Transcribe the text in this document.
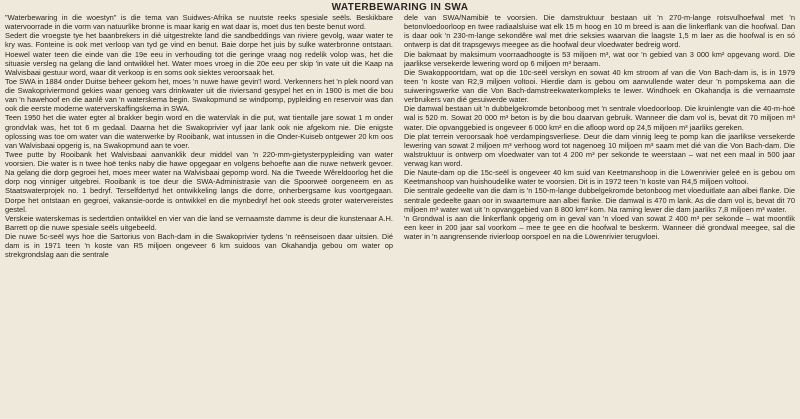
WATERBEWARING IN SWA

"Waterbewaring in die woestyn" is die tema van Suidwes-Afrika se nuutste reeks spesiale seëls. Beskikbare watervoorrade in die vorm van natuurlike bronne is maar karig en wat daar is, moet dus ten beste benut word.

Sedert die vroegste tye het baanbrekers in dié uitgestrekte land die sandbeddings van riviere gevolg, waar water te kry was. Fonteine is ook met verloop van tyd ge vind en benut. Baie dorpe het juis by sulke waterbronne ontstaan. Hoewel water teen die einde van die 19e eeu in verhouding tot die geringe vraag nog redelik volop was, het die situasie versleg na gelang die land ontwikkel het. Water moes vroeg in die 20e eeu per skip 'in vate uit die Kaap na Walvisbaai gestuur word, waar dit verkoop is en soms ook siektes veroorsaak het.

Toe SWA in 1884 onder Duitse beheer gekom het, moes 'n nuwe hawe gevin'! word. Verkenners het 'n plek noord van die Swakopriviermond gekies waar genoeg vars drinkwater uit die riviersand gesypel het en in 1900 is met die bou van 'n hawehoof en die aanlê van 'n waterskema begin. Swakopmund se windpomp, pypleiding en reservoir was dan ook die eerste moderne waterverskaffingskema in SWA.

Teen 1950 het die water egter al brakker begin word en die watervlak in die put, wat tientalle jare sowat 1 m onder grondvlak was, het tot 6 m gedaal. Daarna het die Swakoprivier vyf jaar lank ook nie afgekom nie. Die enigste oplossing was toe om water van die waterwerke by Rooibank, wat intussen in die Onder-Kuiseb ontgewer 20 km oos van Walvisbaai opgerig is, na Swakopmund aan te voer.

Twee putte by Rooibank het Walvisbaai aanvanklik deur middel van 'n 220-mm-gietysterpypleiding van water voorsien. Die water is n twee hoë tenks naby die hawe opgegaar en volgens behoefte aan die nuwe netwerk gevoer. Na gelang die dorp gegroei het, moes meer water na Walvisbaai gepomp word. Na die Tweede Wêreldoorlog het die dorp nog vinniger uitgebrei. Rooibank is toe deur die SWA-Administrasie van die Spoorweë oorgeneem en as Staatswaterprojek no. 1 bedryf. Terselfdertyd het ontwikkeling langs die dorre, onherbergsame kus voortgegaan. Dorpe het ontstaan en gegroei, vakansie-oorde is ontwikkel en die mynbedryf het ook steeds groter watervereistes gestel.

Verskeie waterskemas is sedertdien ontwikkel en vier van die land se vernaamste damme is deur die kunstenaar A.H. Barrett op die nuwe spesiale seëls uitgebeeld.

Die nuwe 5c-seël wys hoe die Sartorius von Bach-dam in die Swakoprivier tydens 'n reënseisoen daar uitsien. Dié dam is in 1971 teen 'n koste van R5 miljoen ongeveer 6 km suidoos van Okahandja gebou om water op strekgrondslag aan die sentrale

dele van SWA/Namibië te voorsien. Die damstruktuur bestaan uit 'n 270-m-lange rotsvulhoefwal met 'n betonvloedoorloop en twee radiaalsluise wat elk 15 m hoog en 10 m breed is aan die linkerflank van die hoofwal. Dan is daar ook 'n 230-m-lange sekondêre wal met drie seksies waarvan die laagste 1,5 m laer as die hoofwal is en só ontwerp is dat dit trapsgewys meegee as die hoofwal deur vloedwater bedreig word.

Die bakmaat by maksimum voorraadhoogte is 53 miljoen m³, wat oor 'n gebied van 3 000 km² opgevang word. Die jaarlikse versekerde lewering word op 6 miljoen m³ beraam.

Die Swakoppoortdam, wat op die 10c-seël verskyn en sowat 40 km stroom af van die Von Bach-dam is, is in 1979 teen 'n koste van R2,9 miljoen voltooi. Hierdie dam is gebou om aanvullende water deur 'n pompskema aan die suiweringswerke van die Von Bach-damstreekwaterkompleks te lewer. Windhoek en Okahandja is die vernaamste verbruikers van dié gesuiwerde water.

Die damwal bestaan uit 'n dubbelgekromde betonboog met 'n sentrale vloedoorloop. Die kruinlengte van die 40-m-hoë wal is 520 m. Sowat 20 000 m³ beton is by die bou daarvan gebruik. Wanneer die dam vol is, bevat dit 70 miljoen m³ water. Die opvanggebied is ongeveer 6 000 km² en die afloop word op 24,5 miljoen m³ jaarliks gereken.

Die plat terrein veroorsaak hoë verdampingsverliese. Deur die dam vinnig leeg te pomp kan die jaarlikse versekerde lewering van sowat 2 miljoen m³ verhoog word tot nagenoeg 10 miljoen m³ saam met dié van die Von Bach-dam. Die walstruktuur is ontwerp om vloedwater van tot 4 200 m³ per sekonde te weerstaan – wat net een maal in 500 jaar verwag kan word.

Die Naute-dam op die 15c-seël is ongeveer 40 km suid van Keetmanshoop in die Löwenrivier geleë en is gebou om Keetmanshoop van huishoudelike water te voorsien. Dit is in 1972 teen 'n koste van R4,5 miljoen voltooi.

Die sentrale gedeelte van die dam is 'n 150-m-lange dubbelgekromde betonboog met vloeduitlate aan albei flanke. Die sentrale gedeelte gaan oor in swaartemure aan albei flanke. Die damwal is 470 m lank. As die dam vol is, bevat dit 70 miljoen m³ water wat uit 'n opvanggebied van 8 800 km² kom. Na raming lewer die dam jaarliks 7,8 miljoen m³ water.

'n Grondwal is aan die linkerflank opgerig om in geval van 'n vloed van sowat 2 400 m³ per sekonde – wat moontlik een keer in 200 jaar sal voorkom – mee te gee en die hoofwal te beskerm. Wanneer dié grondwal meegee, sal die water in 'n aangrensende rivierloop oorspoel en na die Löwenrivier terugvloei.
